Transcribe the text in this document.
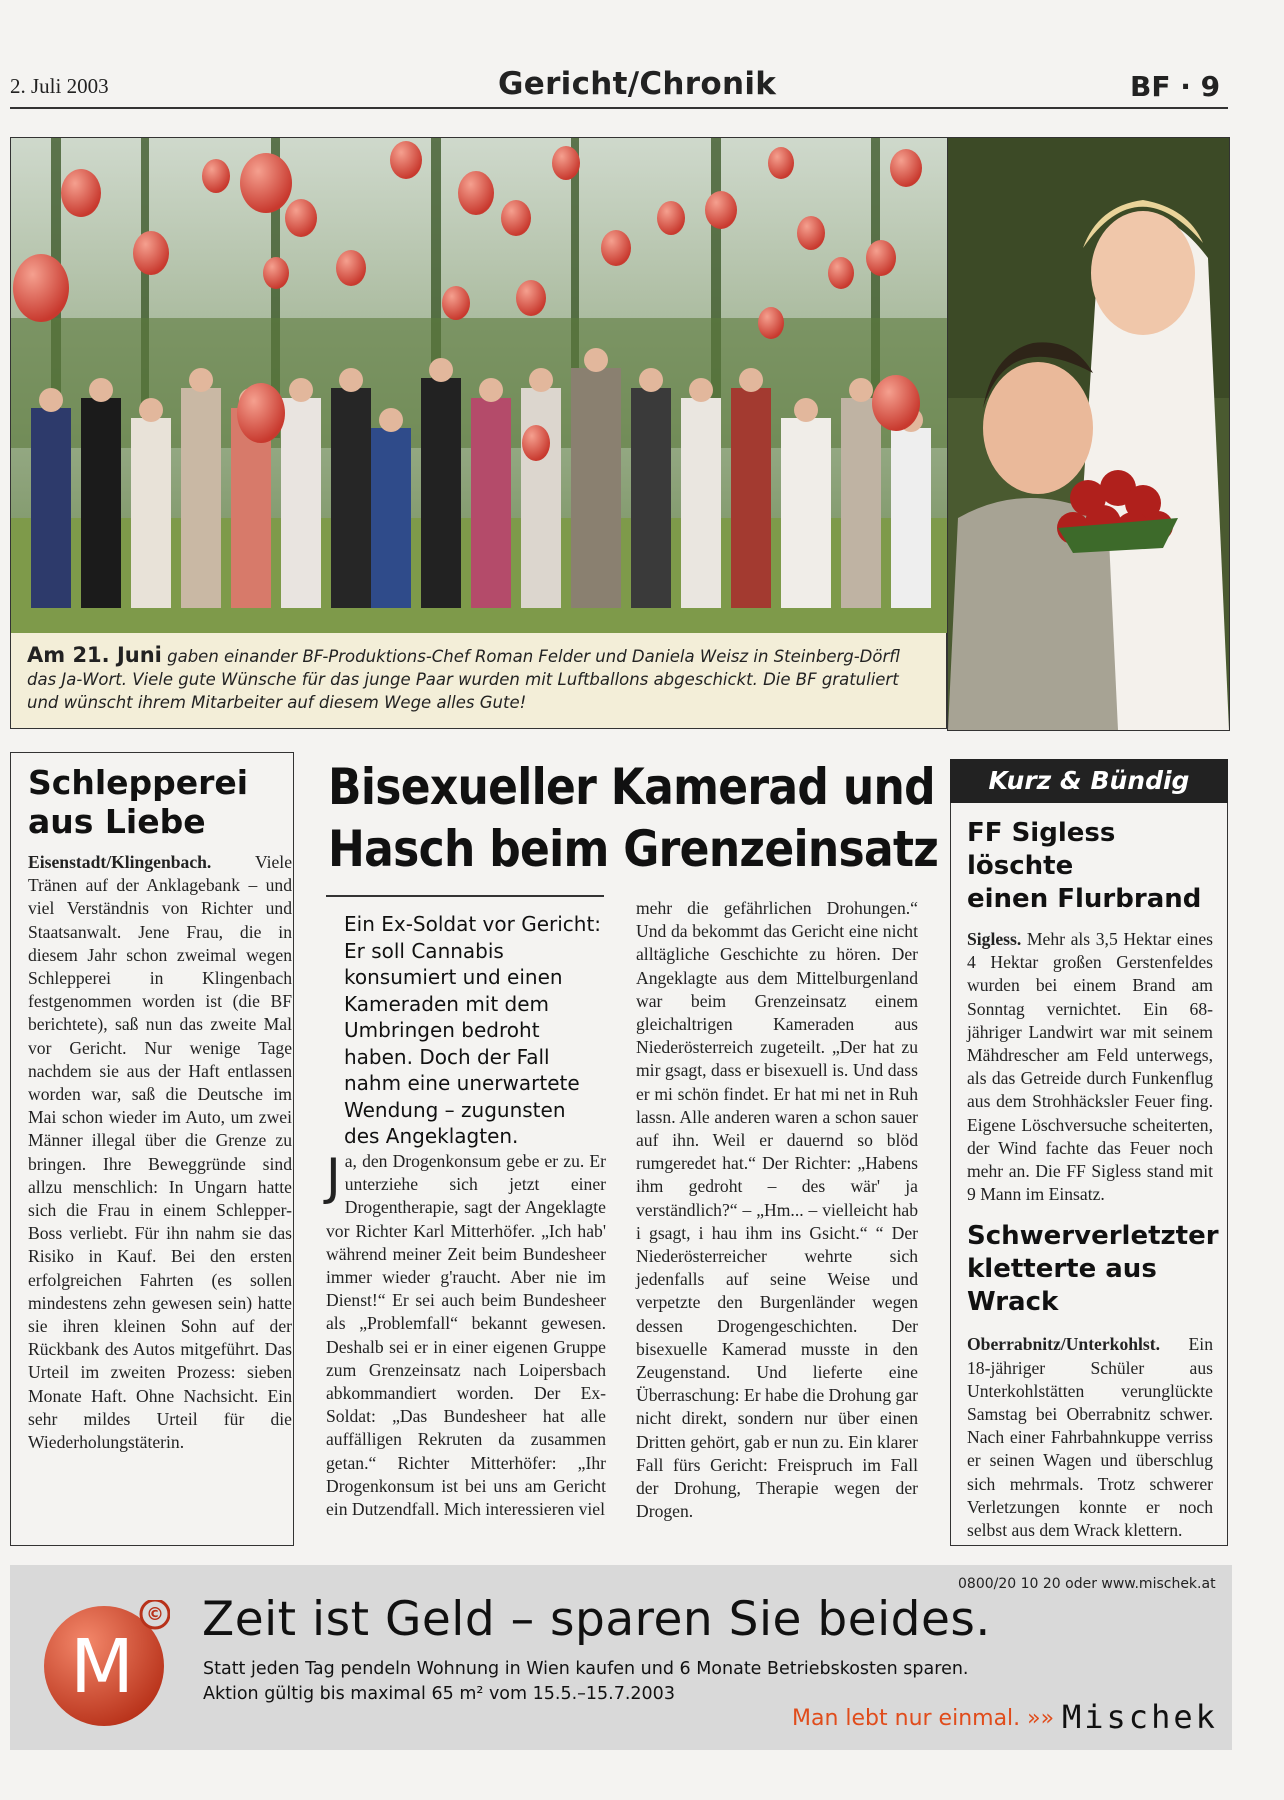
2. Juli 2003	Gericht/Chronik	BF · 9
Am 21. Juni gaben einander BF-Produktions-Chef Roman Felder und Daniela Weisz in Steinberg-Dörfl das Ja-Wort. Viele gute Wünsche für das junge Paar wurden mit Luftballons abgeschickt. Die BF gratuliert und wünscht ihrem Mitarbeiter auf diesem Wege alles Gute!
Schlepperei
aus Liebe
Eisenstadt/Klingenbach. Viele Tränen auf der Anklagebank – und viel Verständnis von Richter und Staatsanwalt. Jene Frau, die in diesem Jahr schon zweimal wegen Schlepperei in Klingenbach festgenommen worden ist (die BF berichtete), saß nun das zweite Mal vor Gericht. Nur wenige Tage nachdem sie aus der Haft entlassen worden war, saß die Deutsche im Mai schon wieder im Auto, um zwei Männer illegal über die Grenze zu bringen. Ihre Beweggründe sind allzu menschlich: In Ungarn hatte sich die Frau in einem Schlepper-Boss verliebt. Für ihn nahm sie das Risiko in Kauf. Bei den ersten erfolgreichen Fahrten (es sollen mindestens zehn gewesen sein) hatte sie ihren kleinen Sohn auf der Rückbank des Autos mitgeführt. Das Urteil im zweiten Prozess: sieben Monate Haft. Ohne Nachsicht. Ein sehr mildes Urteil für die Wiederholungstäterin.
Bisexueller Kamerad und
Hasch beim Grenzeinsatz
Ein Ex-Soldat vor Gericht: Er soll Cannabis konsumiert und einen Kameraden mit dem Umbringen bedroht haben. Doch der Fall nahm eine unerwartete Wendung – zugunsten des Angeklagten.
Ja, den Drogenkonsum gebe er zu. Er unterziehe sich jetzt einer Drogentherapie, sagt der Angeklagte vor Richter Karl Mitterhöfer. „Ich hab' während meiner Zeit beim Bundesheer immer wieder g'raucht. Aber nie im Dienst!“ Er sei auch beim Bundesheer als „Problemfall“ bekannt gewesen. Deshalb sei er in einer eigenen Gruppe zum Grenzeinsatz nach Loipersbach abkommandiert worden. Der Ex-Soldat: „Das Bundesheer hat alle auffälligen Rekruten da zusammen getan.“ Richter Mitterhöfer: „Ihr Drogenkonsum ist bei uns am Gericht ein Dutzendfall. Mich interessieren viel
mehr die gefährlichen Drohungen.“ Und da bekommt das Gericht eine nicht alltägliche Geschichte zu hören. Der Angeklagte aus dem Mittelburgenland war beim Grenzeinsatz einem gleichaltrigen Kameraden aus Niederösterreich zugeteilt. „Der hat zu mir gsagt, dass er bisexuell is. Und dass er mi schön findet. Er hat mi net in Ruh lassn. Alle anderen waren a schon sauer auf ihn. Weil er dauernd so blöd rumgeredet hat.“ Der Richter: „Habens ihm gedroht – des wär' ja verständlich?“ – „Hm... – vielleicht hab i gsagt, i hau ihm ins Gsicht.“ “ Der Niederösterreicher wehrte sich jedenfalls auf seine Weise und verpetzte den Burgenländer wegen dessen Drogengeschichten. Der bisexuelle Kamerad musste in den Zeugenstand. Und lieferte eine Überraschung: Er habe die Drohung gar nicht direkt, sondern nur über einen Dritten gehört, gab er nun zu. Ein klarer Fall fürs Gericht: Freispruch im Fall der Drohung, Therapie wegen der Drogen.
Kurz & Bündig
FF Sigless löschte
einen Flurbrand
Sigless. Mehr als 3,5 Hektar eines 4 Hektar großen Gerstenfeldes wurden bei einem Brand am Sonntag vernichtet. Ein 68-jähriger Landwirt war mit seinem Mähdrescher am Feld unterwegs, als das Getreide durch Funkenflug aus dem Strohhäcksler Feuer fing. Eigene Löschversuche scheiterten, der Wind fachte das Feuer noch mehr an. Die FF Sigless stand mit 9 Mann im Einsatz.
Schwerverletzter
kletterte aus Wrack
Oberrabnitz/Unterkohlst. Ein 18-jähriger Schüler aus Unterkohlstätten verunglückte Samstag bei Oberrabnitz schwer. Nach einer Fahrbahnkuppe verriss er seinen Wagen und überschlug sich mehrmals. Trotz schwerer Verletzungen konnte er noch selbst aus dem Wrack klettern.
©
M
0800/20 10 20 oder www.mischek.at
Zeit ist Geld – sparen Sie beides.
Statt jeden Tag pendeln Wohnung in Wien kaufen und 6 Monate Betriebskosten sparen.
Aktion gültig bis maximal 65 m² vom 15.5.–15.7.2003
Man lebt nur einmal. »» Mischek
